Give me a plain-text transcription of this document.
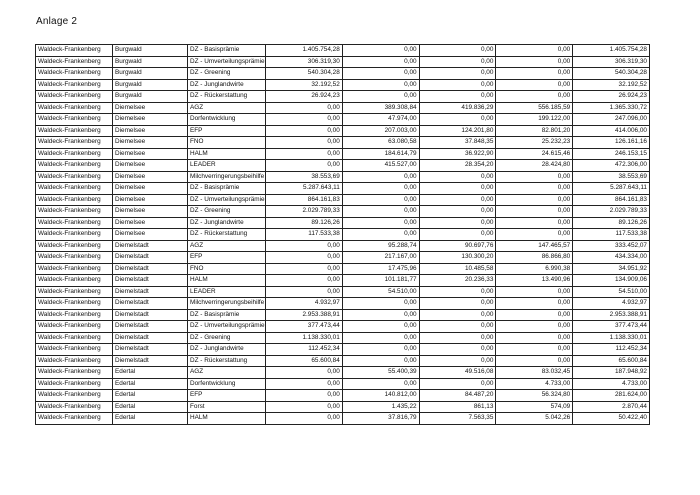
Anlage 2
Waldeck-Frankenberg	Burgwald	DZ - Basisprämie	1.405.754,28	0,00	0,00	0,00	1.405.754,28
Waldeck-Frankenberg	Burgwald	DZ - Umverteilungsprämie	306.319,30	0,00	0,00	0,00	306.319,30
Waldeck-Frankenberg	Burgwald	DZ - Greening	540.304,28	0,00	0,00	0,00	540.304,28
Waldeck-Frankenberg	Burgwald	DZ - Junglandwirte	32.192,52	0,00	0,00	0,00	32.192,52
Waldeck-Frankenberg	Burgwald	DZ - Rückerstattung	26.924,23	0,00	0,00	0,00	26.924,23
Waldeck-Frankenberg	Diemelsee	AGZ	0,00	389.308,84	419.836,29	556.185,59	1.365.330,72
Waldeck-Frankenberg	Diemelsee	Dorfentwicklung	0,00	47.974,00	0,00	199.122,00	247.096,00
Waldeck-Frankenberg	Diemelsee	EFP	0,00	207.003,00	124.201,80	82.801,20	414.006,00
Waldeck-Frankenberg	Diemelsee	FNO	0,00	63.080,58	37.848,35	25.232,23	126.161,16
Waldeck-Frankenberg	Diemelsee	HALM	0,00	184.614,79	36.922,90	24.615,46	246.153,15
Waldeck-Frankenberg	Diemelsee	LEADER	0,00	415.527,00	28.354,20	28.424,80	472.306,00
Waldeck-Frankenberg	Diemelsee	Milchverringerungsbeihilfe	38.553,69	0,00	0,00	0,00	38.553,69
Waldeck-Frankenberg	Diemelsee	DZ - Basisprämie	5.287.643,11	0,00	0,00	0,00	5.287.643,11
Waldeck-Frankenberg	Diemelsee	DZ - Umverteilungsprämie	864.161,83	0,00	0,00	0,00	864.161,83
Waldeck-Frankenberg	Diemelsee	DZ - Greening	2.029.789,33	0,00	0,00	0,00	2.029.789,33
Waldeck-Frankenberg	Diemelsee	DZ - Junglandwirte	89.126,26	0,00	0,00	0,00	89.126,26
Waldeck-Frankenberg	Diemelsee	DZ - Rückerstattung	117.533,38	0,00	0,00	0,00	117.533,38
Waldeck-Frankenberg	Diemelstadt	AGZ	0,00	95.288,74	90.697,76	147.465,57	333.452,07
Waldeck-Frankenberg	Diemelstadt	EFP	0,00	217.167,00	130.300,20	86.866,80	434.334,00
Waldeck-Frankenberg	Diemelstadt	FNO	0,00	17.475,96	10.485,58	6.990,38	34.951,92
Waldeck-Frankenberg	Diemelstadt	HALM	0,00	101.181,77	20.236,33	13.490,96	134.909,06
Waldeck-Frankenberg	Diemelstadt	LEADER	0,00	54.510,00	0,00	0,00	54.510,00
Waldeck-Frankenberg	Diemelstadt	Milchverringerungsbeihilfe	4.932,97	0,00	0,00	0,00	4.932,97
Waldeck-Frankenberg	Diemelstadt	DZ - Basisprämie	2.953.388,91	0,00	0,00	0,00	2.953.388,91
Waldeck-Frankenberg	Diemelstadt	DZ - Umverteilungsprämie	377.473,44	0,00	0,00	0,00	377.473,44
Waldeck-Frankenberg	Diemelstadt	DZ - Greening	1.138.330,01	0,00	0,00	0,00	1.138.330,01
Waldeck-Frankenberg	Diemelstadt	DZ - Junglandwirte	112.452,34	0,00	0,00	0,00	112.452,34
Waldeck-Frankenberg	Diemelstadt	DZ - Rückerstattung	65.600,84	0,00	0,00	0,00	65.600,84
Waldeck-Frankenberg	Edertal	AGZ	0,00	55.400,39	49.516,08	83.032,45	187.948,92
Waldeck-Frankenberg	Edertal	Dorfentwicklung	0,00	0,00	0,00	4.733,00	4.733,00
Waldeck-Frankenberg	Edertal	EFP	0,00	140.812,00	84.487,20	56.324,80	281.624,00
Waldeck-Frankenberg	Edertal	Forst	0,00	1.435,22	861,13	574,09	2.870,44
Waldeck-Frankenberg	Edertal	HALM	0,00	37.816,79	7.563,35	5.042,26	50.422,40
